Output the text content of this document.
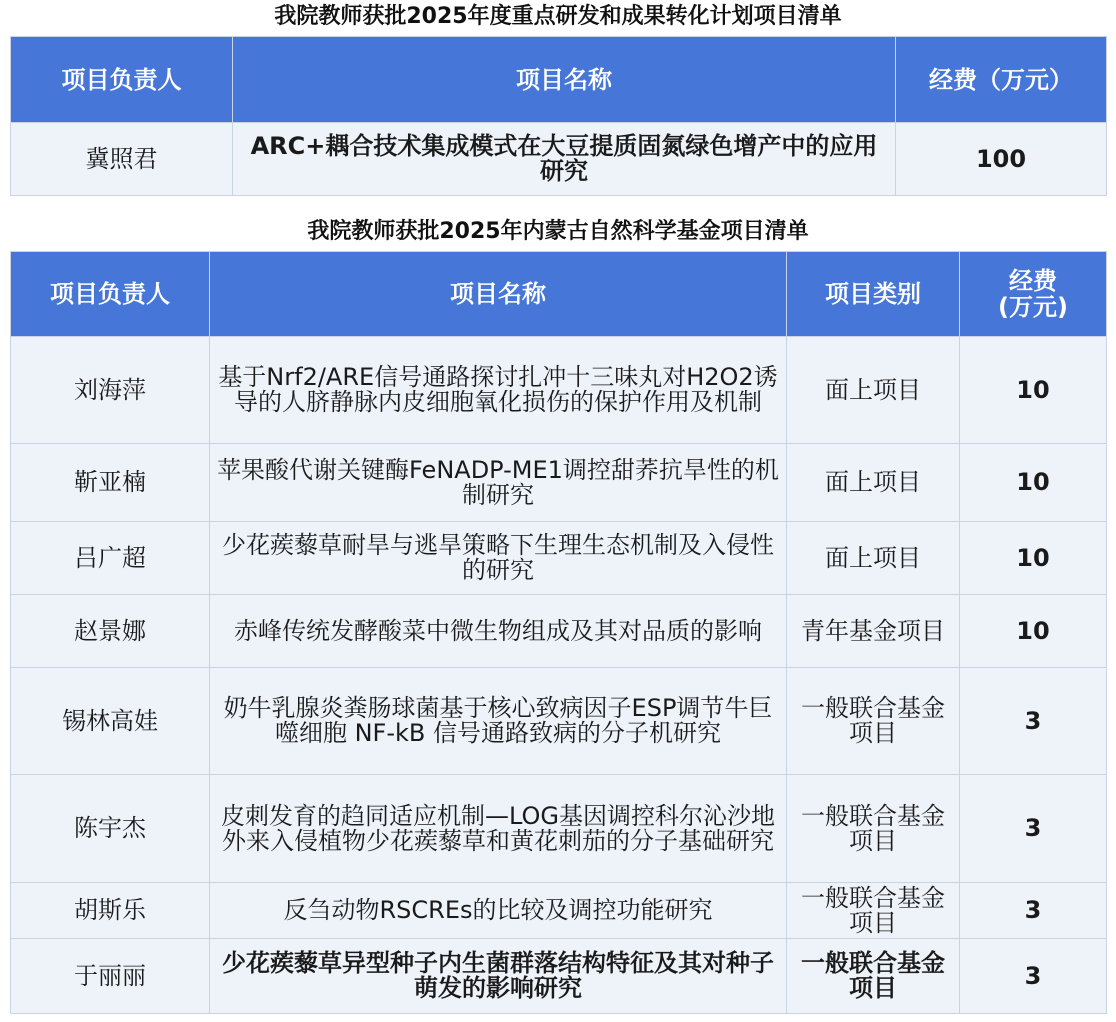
我院教师获批2025年度重点研发和成果转化计划项目清单
项目负责人	项目名称	经费（万元）
冀照君	ARC+耦合技术集成模式在大豆提质固氮绿色增产中的应用研究	100
我院教师获批2025年内蒙古自然科学基金项目清单
项目负责人	项目名称	项目类别	经费
(万元)

刘海萍	基于Nrf2/ARE信号通路探讨扎冲十三味丸对H2O2诱导的人脐静脉内皮细胞氧化损伤的保护作用及机制	面上项目	10
靳亚楠	苹果酸代谢关键酶FeNADP-ME1调控甜荞抗旱性的机制研究	面上项目	10
吕广超	少花蒺藜草耐旱与逃旱策略下生理生态机制及入侵性的研究	面上项目	10
赵景娜	赤峰传统发酵酸菜中微生物组成及其对品质的影响	青年基金项目	10
锡林高娃	奶牛乳腺炎粪肠球菌基于核心致病因子ESP调节牛巨噬细胞 NF-kB 信号通路致病的分子机研究	一般联合基金项目	3
陈宇杰	皮刺发育的趋同适应机制—LOG基因调控科尔沁沙地外来入侵植物少花蒺藜草和黄花刺茄的分子基础研究	一般联合基金项目	3
胡斯乐	反刍动物RSCREs的比较及调控功能研究	一般联合基金项目	3
于丽丽	少花蒺藜草异型种子内生菌群落结构特征及其对种子萌发的影响研究	一般联合基金项目	3
